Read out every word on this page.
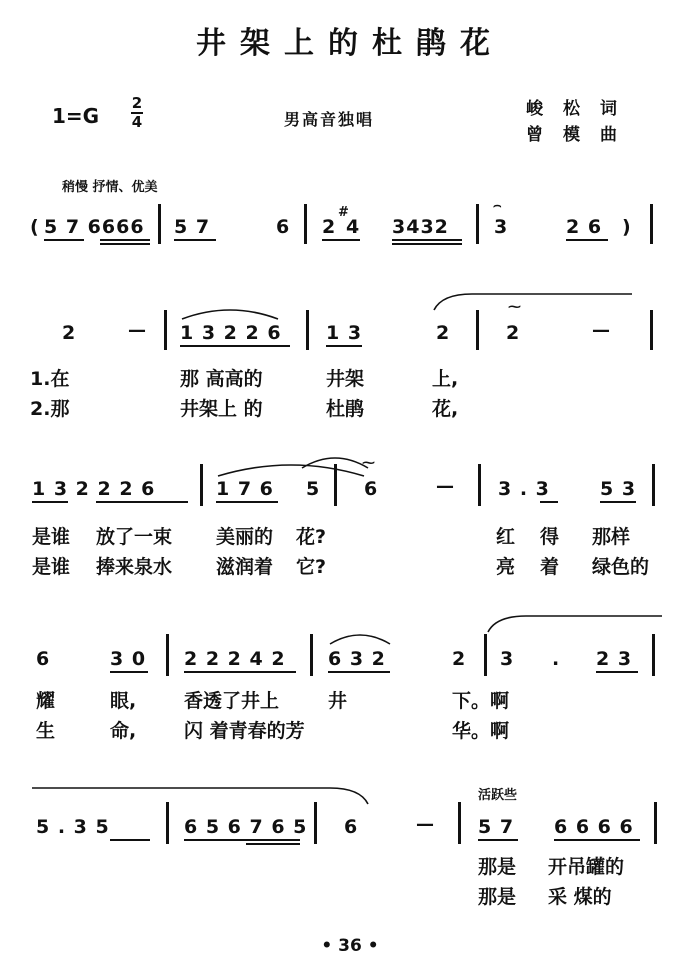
井架上的杜鹃花
1=G
2
4	男高音独唱
峻松词
曾模曲
稍慢 抒情、优美
( 5 7 6666 5 7	6 2
#
4 3432
⌢
3	2 6 )
2	— 1 3 2 2 6 1 3	2	2
⁓
—
1.在	那 高高的	井架	上,
2.那	井架上 的	杜鹃	花,
1 3 2 2 2 6	1 7 6 5 6
⁓
— 3 . 3	5 3
是谁 放了一束 美丽的 花?	红 得 那样
是谁 捧来泉水 滋润着 它?	亮 着 绿色的
6	3 0 2 2 2 4 2 6 3 2	2 3 . 2 3
耀	眼,	香透了井上	井	下。啊
生	命,	闪 着青春的芳	华。啊
活跃些
5 . 3 5	6 5 6 7 6 5 6	— 5 7 6 6 6 6
那是 开吊罐的
那是 采 煤的
• 36 •
